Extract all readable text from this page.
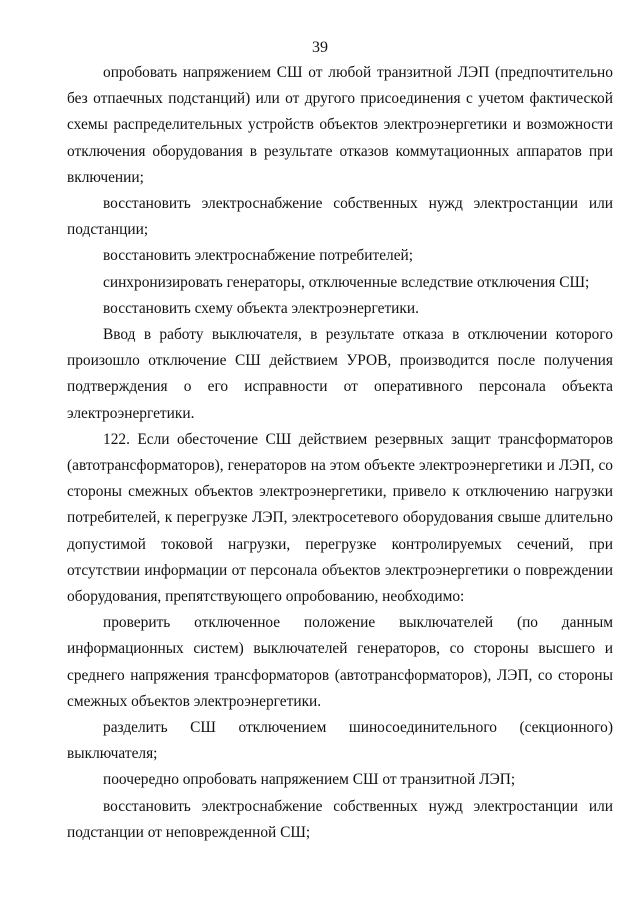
39

опробовать напряжением СШ от любой транзитной ЛЭП (предпочтительно без отпаечных подстанций) или от другого присоединения с учетом фактической схемы распределительных устройств объектов электроэнергетики и возможности отключения оборудования в результате отказов коммутационных аппаратов при включении;

восстановить электроснабжение собственных нужд электростанции или подстанции;

восстановить электроснабжение потребителей;

синхронизировать генераторы, отключенные вследствие отключения СШ;

восстановить схему объекта электроэнергетики.

Ввод в работу выключателя, в результате отказа в отключении которого произошло отключение СШ действием УРОВ, производится после получения подтверждения о его исправности от оперативного персонала объекта электроэнергетики.

122. Если обесточение СШ действием резервных защит трансформаторов (автотрансформаторов), генераторов на этом объекте электроэнергетики и ЛЭП, со стороны смежных объектов электроэнергетики, привело к отключению нагрузки потребителей, к перегрузке ЛЭП, электросетевого оборудования свыше длительно допустимой токовой нагрузки, перегрузке контролируемых сечений, при отсутствии информации от персонала объектов электроэнергетики о повреждении оборудования, препятствующего опробованию, необходимо:

проверить отключенное положение выключателей (по данным информационных систем) выключателей генераторов, со стороны высшего и среднего напряжения трансформаторов (автотрансформаторов), ЛЭП, со стороны смежных объектов электроэнергетики.

разделить СШ отключением шиносоединительного (секционного) выключателя;

поочередно опробовать напряжением СШ от транзитной ЛЭП;

восстановить электроснабжение собственных нужд электростанции или подстанции от неповрежденной СШ;
